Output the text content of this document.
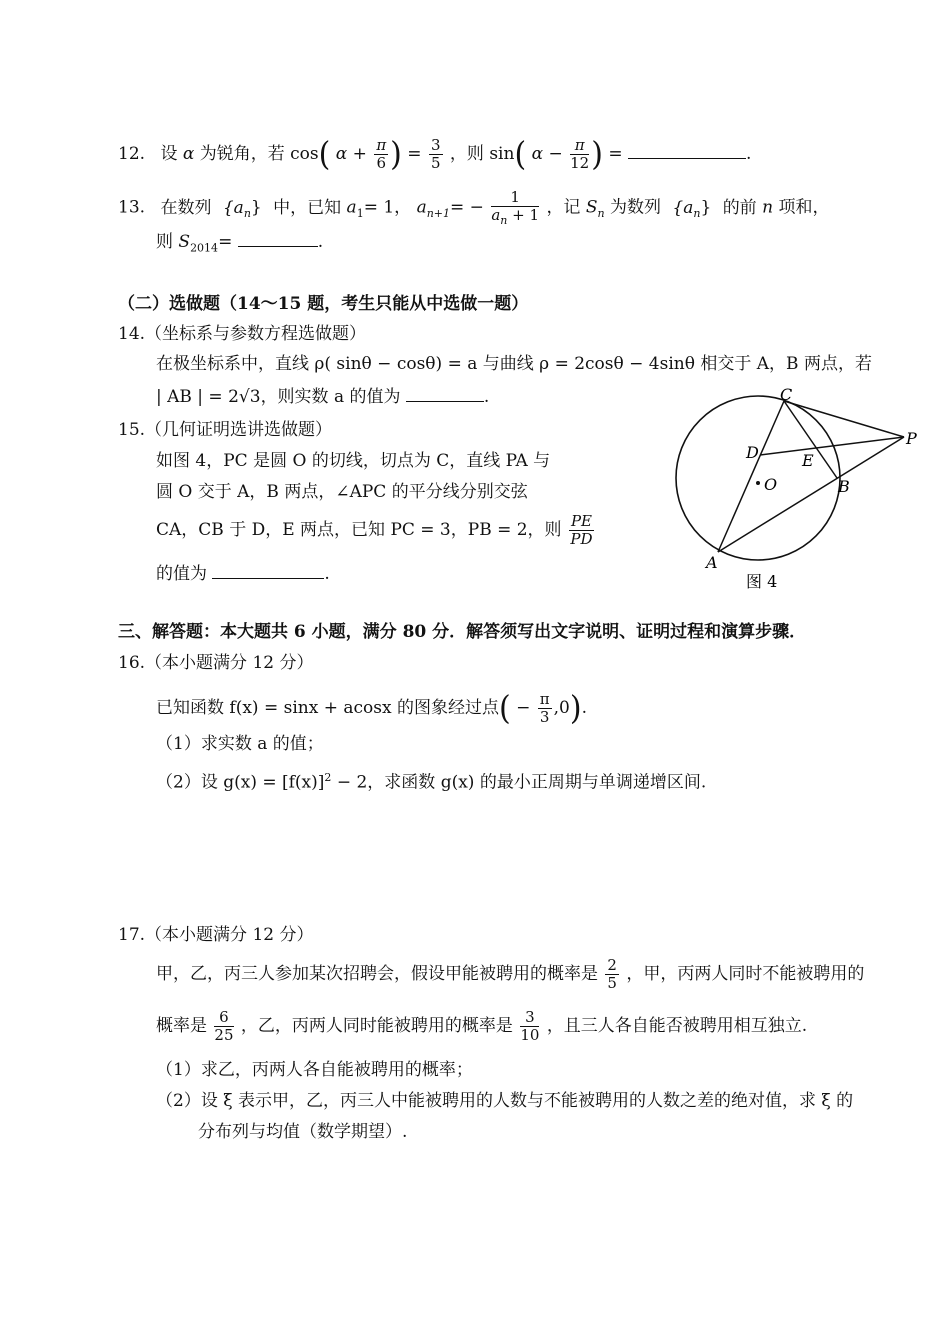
12. 设 α 为锐角，若 cos( $\alpha + \frac{\pi}{6}$ ) = $\frac{3}{5}$ ，则 sin( $\alpha - \frac{\pi}{12}$ ) =	.
13. 在数列 $\{a_n\}$ 中，已知 $a_1= 1$， $a_{n+1}= - \frac{1}{a_n + 1}$ ，记 $S_n$ 为数列 $\{a_n\}$ 的前 n 项和，
则 $S_{2014}=$	.
（二）选做题（14～15 题，考生只能从中选做一题）
14.（坐标系与参数方程选做题）
在极坐标系中，直线 ρ( sinθ − cosθ) = a 与曲线 ρ = 2cosθ − 4sinθ 相交于 A，B 两点，若
| AB | = 2√3，则实数 a 的值为	.
15.（几何证明选讲选做题）
如图 4，PC 是圆 O 的切线，切点为 C，直线 PA 与
圆 O 交于 A，B 两点，∠APC 的平分线分别交弦
CA，CB 于 D，E 两点，已知 PC = 3，PB = 2，则 $\frac{PE}{PD}$
的值为	.
C
P
D	E
O	B
A
图 4
三、解答题：本大题共 6 小题，满分 80 分．解答须写出文字说明、证明过程和演算步骤．
16.（本小题满分 12 分）
已知函数 f(x) = sinx + acosx 的图象经过点( − $\frac{\pi}{3} ,0$).
（1）求实数 a 的值；
（2）设 $g(x) = [f(x)]^2 - 2$，求函数 g(x) 的最小正周期与单调递增区间.
17.（本小题满分 12 分）
甲，乙，丙三人参加某次招聘会，假设甲能被聘用的概率是 $\frac{2}{5}$ ，甲，丙两人同时不能被聘用的
概率是 $\frac{6}{25}$ ，乙，丙两人同时能被聘用的概率是 $\frac{3}{10}$ ，且三人各自能否被聘用相互独立.
（1）求乙，丙两人各自能被聘用的概率；
（2）设 ξ 表示甲，乙，丙三人中能被聘用的人数与不能被聘用的人数之差的绝对值，求 ξ 的
分布列与均值（数学期望）.
